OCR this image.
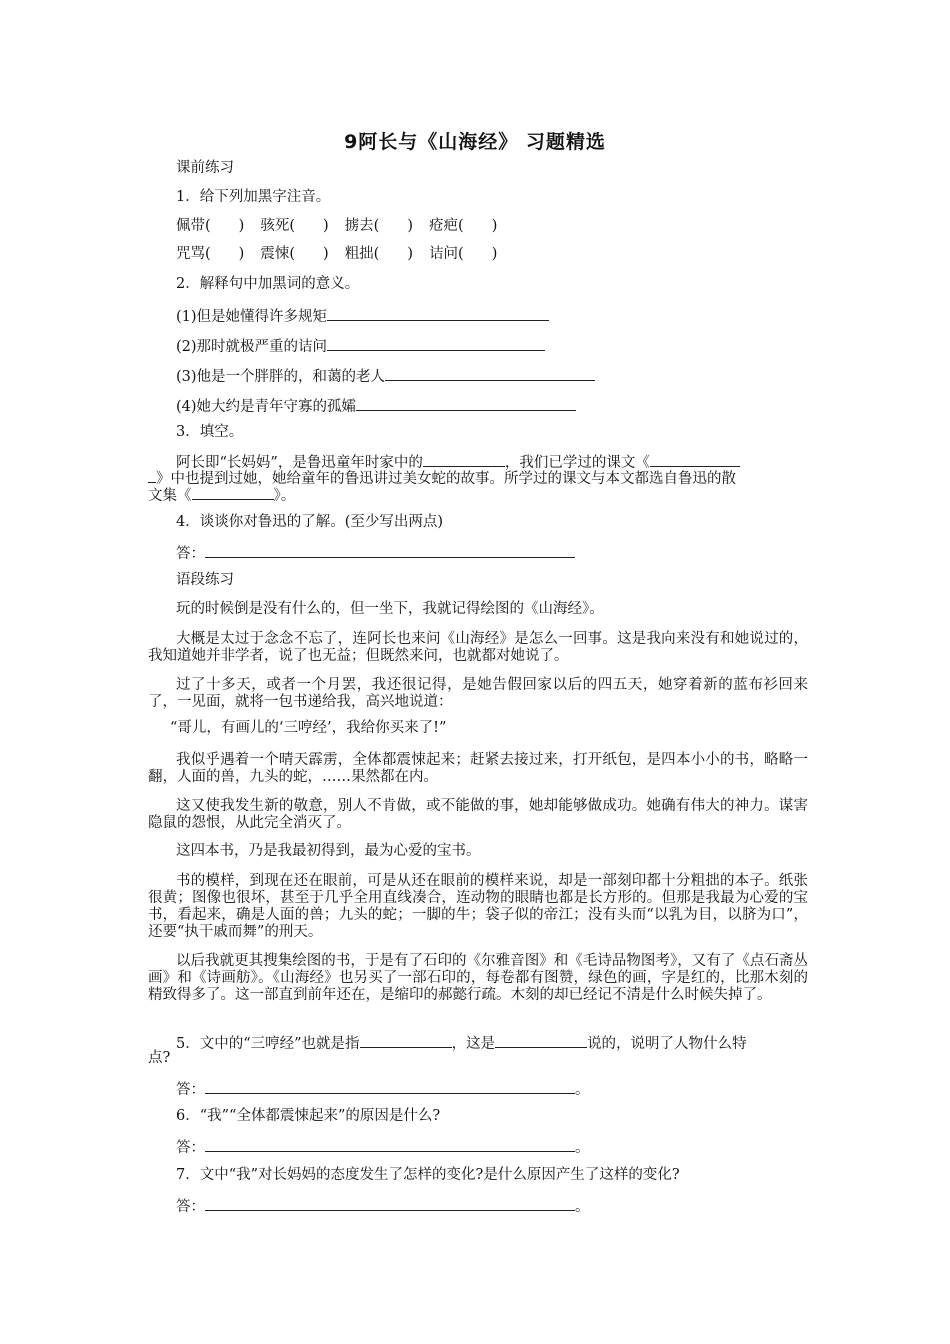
9阿长与《山海经》 习题精选
课前练习
1．给下列加黑字注音。
佩带( ) 骇死( ) 掳去( ) 疮疤( )
咒骂( ) 震悚( ) 粗拙( ) 诘问( )
2．解释句中加黑词的意义。
(1)但是她懂得许多规矩
(2)那时就极严重的诘问
(3)他是一个胖胖的，和蔼的老人
(4)她大约是青年守寡的孤孀
3．填空。
阿长即“长妈妈”，是鲁迅童年时家中的	，我们已学过的课文《
》中也提到过她，她给童年的鲁迅讲过美女蛇的故事。所学过的课文与本文都选自鲁迅的散
文集《	》。
4．谈谈你对鲁迅的了解。(至少写出两点)
答：
语段练习
玩的时候倒是没有什么的，但一坐下，我就记得绘图的《山海经》。
大概是太过于念念不忘了，连阿长也来问《山海经》是怎么一回事。这是我向来没有和她说过的，我知道她并非学者，说了也无益；但既然来问，也就都对她说了。
过了十多天，或者一个月罢，我还很记得，是她告假回家以后的四五天，她穿着新的蓝布衫回来了，一见面，就将一包书递给我，高兴地说道：
“哥儿，有画儿的‘三哼经’，我给你买来了!”
我似乎遇着一个晴天霹雳，全体都震悚起来；赶紧去接过来，打开纸包，是四本小小的书，略略一翻，人面的兽，九头的蛇，……果然都在内。
这又使我发生新的敬意，别人不肯做，或不能做的事，她却能够做成功。她确有伟大的神力。谋害隐鼠的怨恨，从此完全消灭了。
这四本书，乃是我最初得到，最为心爱的宝书。
书的模样，到现在还在眼前，可是从还在眼前的模样来说，却是一部刻印都十分粗拙的本子。纸张很黄；图像也很坏，甚至于几乎全用直线凑合，连动物的眼睛也都是长方形的。但那是我最为心爱的宝书，看起来，确是人面的兽；九头的蛇；一脚的牛；袋子似的帝江；没有头而“以乳为目，以脐为口”，还要“执干戚而舞”的刑天。
以后我就更其搜集绘图的书，于是有了石印的《尔雅音图》和《毛诗品物图考》，又有了《点石斋丛画》和《诗画舫》。《山海经》也另买了一部石印的，每卷都有图赞，绿色的画，字是红的，比那木刻的精致得多了。这一部直到前年还在，是缩印的郝懿行疏。木刻的却已经记不清是什么时候失掉了。
5．文中的“三哼经”也就是指	，这是	说的，说明了人物什么特
点?
答：	。
6．“我”“全体都震悚起来”的原因是什么?
答：	。
7．文中“我”对长妈妈的态度发生了怎样的变化?是什么原因产生了这样的变化?
答：	。
